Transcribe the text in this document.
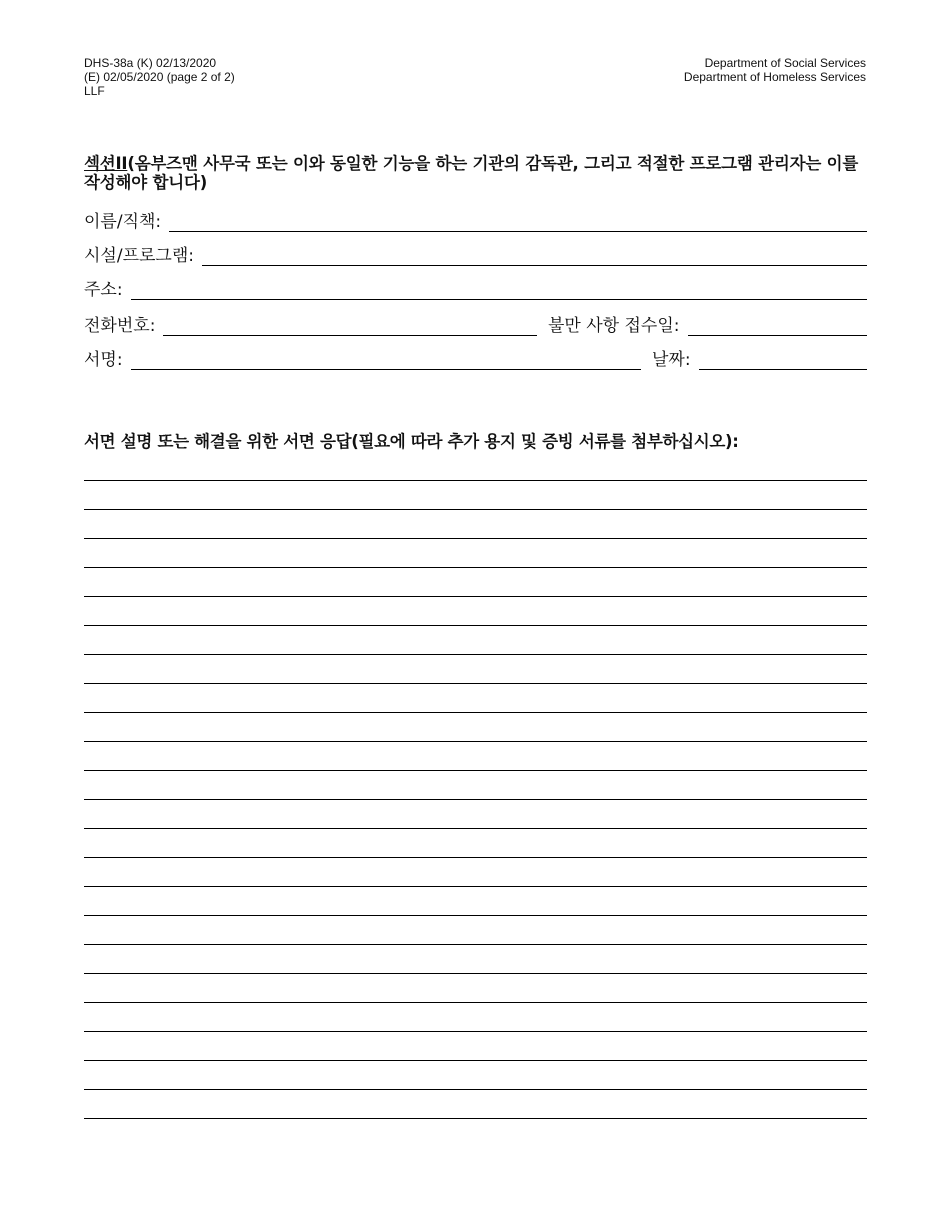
DHS-38a (K) 02/13/2020
(E) 02/05/2020 (page 2 of 2)
LLF
Department of Social Services
Department of Homeless Services
섹션II(옴부즈맨 사무국 또는 이와 동일한 기능을 하는 기관의 감독관, 그리고 적절한 프로그램 관리자는 이를 작성해야 합니다)
이름/직책:
시설/프로그램:
주소:
전화번호:	불만 사항 접수일:
서명:	날짜:
서면 설명 또는 해결을 위한 서면 응답(필요에 따라 추가 용지 및 증빙 서류를 첨부하십시오):
